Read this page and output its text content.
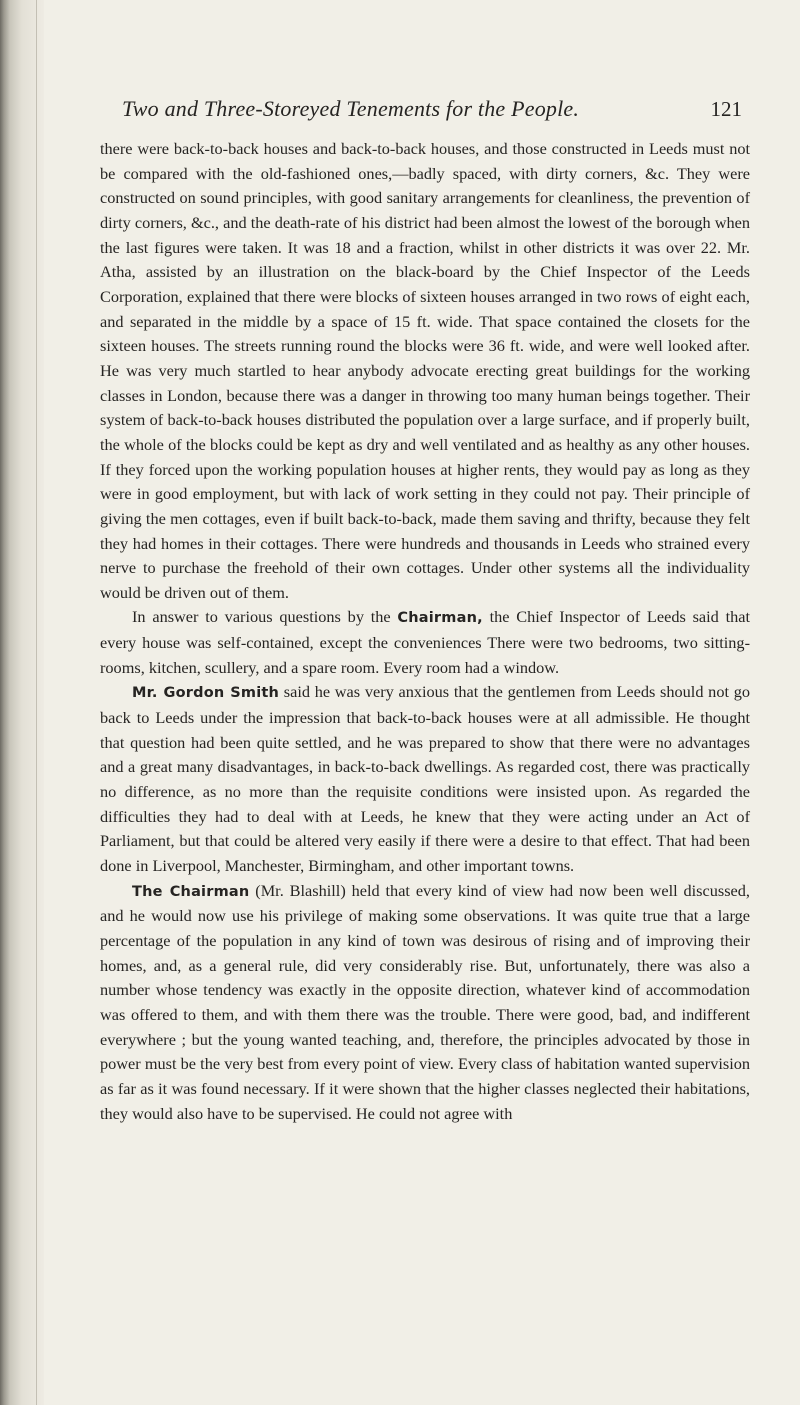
Two and Three-Storeyed Tenements for the People.	121

there were back-to-back houses and back-to-back houses, and those constructed in Leeds must not be compared with the old-fashioned ones,—badly spaced, with dirty corners, &c. They were constructed on sound principles, with good sanitary arrangements for cleanliness, the prevention of dirty corners, &c., and the death-rate of his district had been almost the lowest of the borough when the last figures were taken. It was 18 and a fraction, whilst in other districts it was over 22. Mr. Atha, assisted by an illustration on the black-board by the Chief Inspector of the Leeds Corporation, explained that there were blocks of sixteen houses arranged in two rows of eight each, and separated in the middle by a space of 15 ft. wide. That space contained the closets for the sixteen houses. The streets running round the blocks were 36 ft. wide, and were well looked after. He was very much startled to hear anybody advocate erecting great buildings for the working classes in London, because there was a danger in throwing too many human beings together. Their system of back-to-back houses distributed the population over a large surface, and if properly built, the whole of the blocks could be kept as dry and well ventilated and as healthy as any other houses. If they forced upon the working population houses at higher rents, they would pay as long as they were in good employment, but with lack of work setting in they could not pay. Their principle of giving the men cottages, even if built back-to-back, made them saving and thrifty, because they felt they had homes in their cottages. There were hundreds and thousands in Leeds who strained every nerve to purchase the freehold of their own cottages. Under other systems all the individuality would be driven out of them.

In answer to various questions by the Chairman, the Chief Inspector of Leeds said that every house was self-contained, except the conveniences There were two bedrooms, two sitting-rooms, kitchen, scullery, and a spare room. Every room had a window.

Mr. Gordon Smith said he was very anxious that the gentlemen from Leeds should not go back to Leeds under the impression that back-to-back houses were at all admissible. He thought that question had been quite settled, and he was prepared to show that there were no advantages and a great many disadvantages, in back-to-back dwellings. As regarded cost, there was practically no difference, as no more than the requisite conditions were insisted upon. As regarded the difficulties they had to deal with at Leeds, he knew that they were acting under an Act of Parliament, but that could be altered very easily if there were a desire to that effect. That had been done in Liverpool, Manchester, Birmingham, and other important towns.

The Chairman (Mr. Blashill) held that every kind of view had now been well discussed, and he would now use his privilege of making some observations. It was quite true that a large percentage of the population in any kind of town was desirous of rising and of improving their homes, and, as a general rule, did very considerably rise. But, unfortunately, there was also a number whose tendency was exactly in the opposite direction, whatever kind of accommodation was offered to them, and with them there was the trouble. There were good, bad, and indifferent everywhere ; but the young wanted teaching, and, therefore, the principles advocated by those in power must be the very best from every point of view. Every class of habitation wanted supervision as far as it was found necessary. If it were shown that the higher classes neglected their habitations, they would also have to be supervised. He could not agree with
